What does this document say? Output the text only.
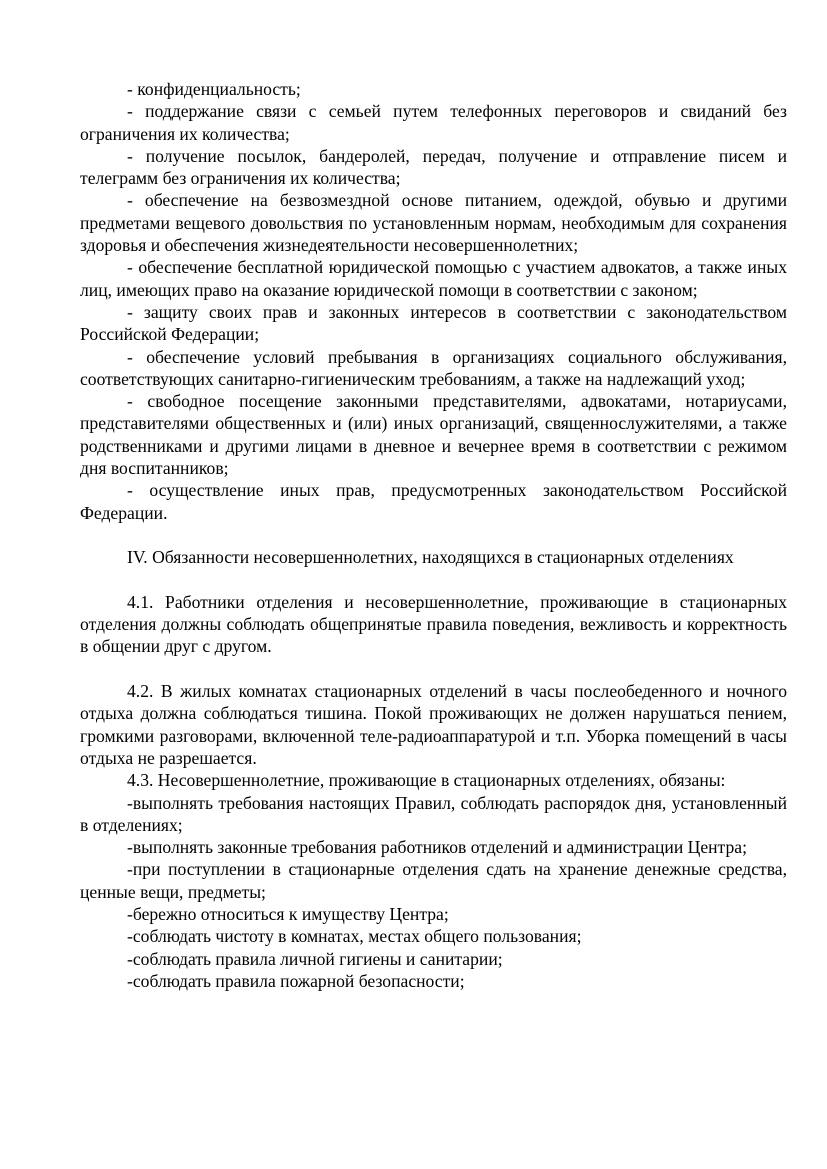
- конфиденциальность;

- поддержание связи с семьей путем телефонных переговоров и свиданий без ограничения их количества;

- получение посылок, бандеролей, передач, получение и отправление писем и телеграмм без ограничения их количества;

- обеспечение на безвозмездной основе питанием, одеждой, обувью и другими предметами вещевого довольствия по установленным нормам, необходимым для сохранения здоровья и обеспечения жизнедеятельности несовершеннолетних;

- обеспечение бесплатной юридической помощью с участием адвокатов, а также иных лиц, имеющих право на оказание юридической помощи в соответствии с законом;

- защиту своих прав и законных интересов в соответствии с законодательством Российской Федерации;

- обеспечение условий пребывания в организациях социального обслуживания, соответствующих санитарно-гигиеническим требованиям, а также на надлежащий уход;

- свободное посещение законными представителями, адвокатами, нотариусами, представителями общественных и (или) иных организаций, священнослужителями, а также родственниками и другими лицами в дневное и вечернее время в соответствии с режимом дня воспитанников;

- осуществление иных прав, предусмотренных законодательством Российской Федерации.

IV. Обязанности несовершеннолетних, находящихся в стационарных отделениях

4.1. Работники отделения и несовершеннолетние, проживающие в стационарных отделения должны соблюдать общепринятые правила поведения, вежливость и корректность в общении друг с другом.

4.2. В жилых комнатах стационарных отделений в часы послеобеденного и ночного отдыха должна соблюдаться тишина. Покой проживающих не должен нарушаться пением, громкими разговорами, включенной теле-радиоаппаратурой и т.п. Уборка помещений в часы отдыха не разрешается.

4.3. Несовершеннолетние, проживающие в стационарных отделениях, обязаны:

-выполнять требования настоящих Правил, соблюдать распорядок дня, установленный в отделениях;

-выполнять законные требования работников отделений и администрации Центра;

-при поступлении в стационарные отделения сдать на хранение денежные средства, ценные вещи, предметы;

-бережно относиться к имуществу Центра;

-соблюдать чистоту в комнатах, местах общего пользования;

-соблюдать правила личной гигиены и санитарии;

-соблюдать правила пожарной безопасности;
